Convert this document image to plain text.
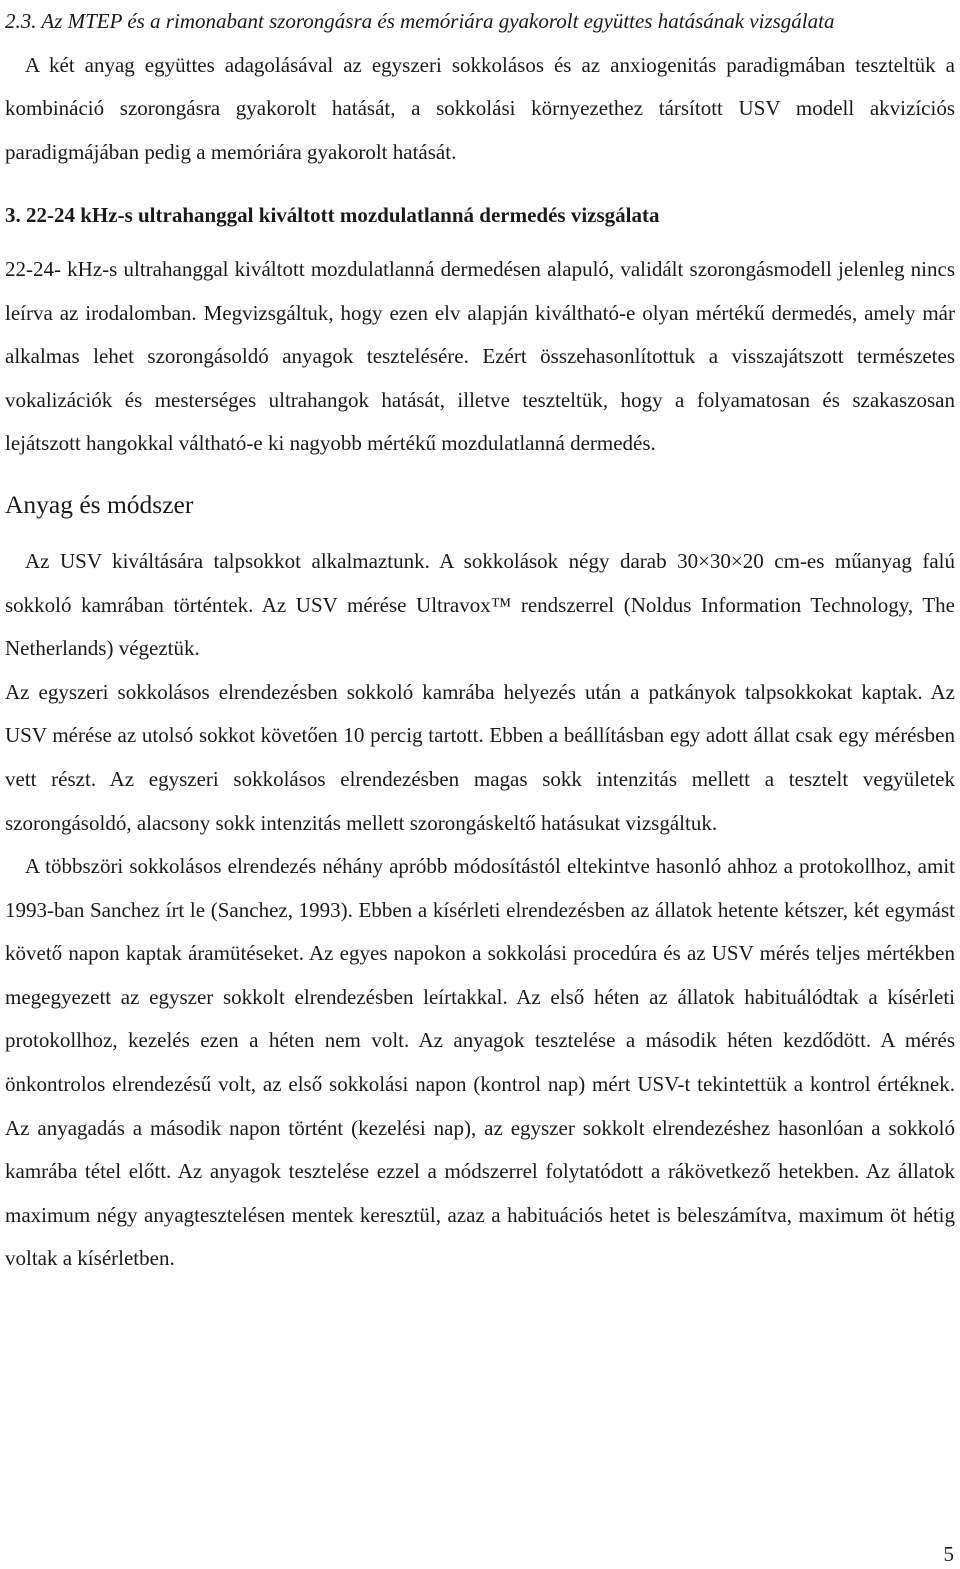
2.3. Az MTEP és a rimonabant szorongásra és memóriára gyakorolt együttes hatásának vizsgálata

A két anyag együttes adagolásával az egyszeri sokkolásos és az anxiogenitás paradigmában teszteltük a kombináció szorongásra gyakorolt hatását, a sokkolási környezethez társított USV modell akvizíciós paradigmájában pedig a memóriára gyakorolt hatását.

3. 22-24 kHz-s ultrahanggal kiváltott mozdulatlanná dermedés vizsgálata

22-24- kHz-s ultrahanggal kiváltott mozdulatlanná dermedésen alapuló, validált szorongásmodell jelenleg nincs leírva az irodalomban. Megvizsgáltuk, hogy ezen elv alapján kiváltható-e olyan mértékű dermedés, amely már alkalmas lehet szorongásoldó anyagok tesztelésére. Ezért összehasonlítottuk a visszajátszott természetes vokalizációk és mesterséges ultrahangok hatását, illetve teszteltük, hogy a folyamatosan és szakaszosan lejátszott hangokkal váltható-e ki nagyobb mértékű mozdulatlanná dermedés.

Anyag és módszer

Az USV kiváltására talpsokkot alkalmaztunk. A sokkolások négy darab 30×30×20 cm-es műanyag falú sokkoló kamrában történtek. Az USV mérése Ultravox™ rendszerrel (Noldus Information Technology, The Netherlands) végeztük.

Az egyszeri sokkolásos elrendezésben sokkoló kamrába helyezés után a patkányok talpsokkokat kaptak. Az USV mérése az utolsó sokkot követően 10 percig tartott. Ebben a beállításban egy adott állat csak egy mérésben vett részt. Az egyszeri sokkolásos elrendezésben magas sokk intenzitás mellett a tesztelt vegyületek szorongásoldó, alacsony sokk intenzitás mellett szorongáskeltő hatásukat vizsgáltuk.

A többszöri sokkolásos elrendezés néhány apróbb módosítástól eltekintve hasonló ahhoz a protokollhoz, amit 1993-ban Sanchez írt le (Sanchez, 1993). Ebben a kísérleti elrendezésben az állatok hetente kétszer, két egymást követő napon kaptak áramütéseket. Az egyes napokon a sokkolási procedúra és az USV mérés teljes mértékben megegyezett az egyszer sokkolt elrendezésben leírtakkal. Az első héten az állatok habituálódtak a kísérleti protokollhoz, kezelés ezen a héten nem volt. Az anyagok tesztelése a második héten kezdődött. A mérés önkontrolos elrendezésű volt, az első sokkolási napon (kontrol nap) mért USV-t tekintettük a kontrol értéknek. Az anyagadás a második napon történt (kezelési nap), az egyszer sokkolt elrendezéshez hasonlóan a sokkoló kamrába tétel előtt. Az anyagok tesztelése ezzel a módszerrel folytatódott a rákövetkező hetekben. Az állatok maximum négy anyagtesztelésen mentek keresztül, azaz a habituációs hetet is beleszámítva, maximum öt hétig voltak a kísérletben.

5
